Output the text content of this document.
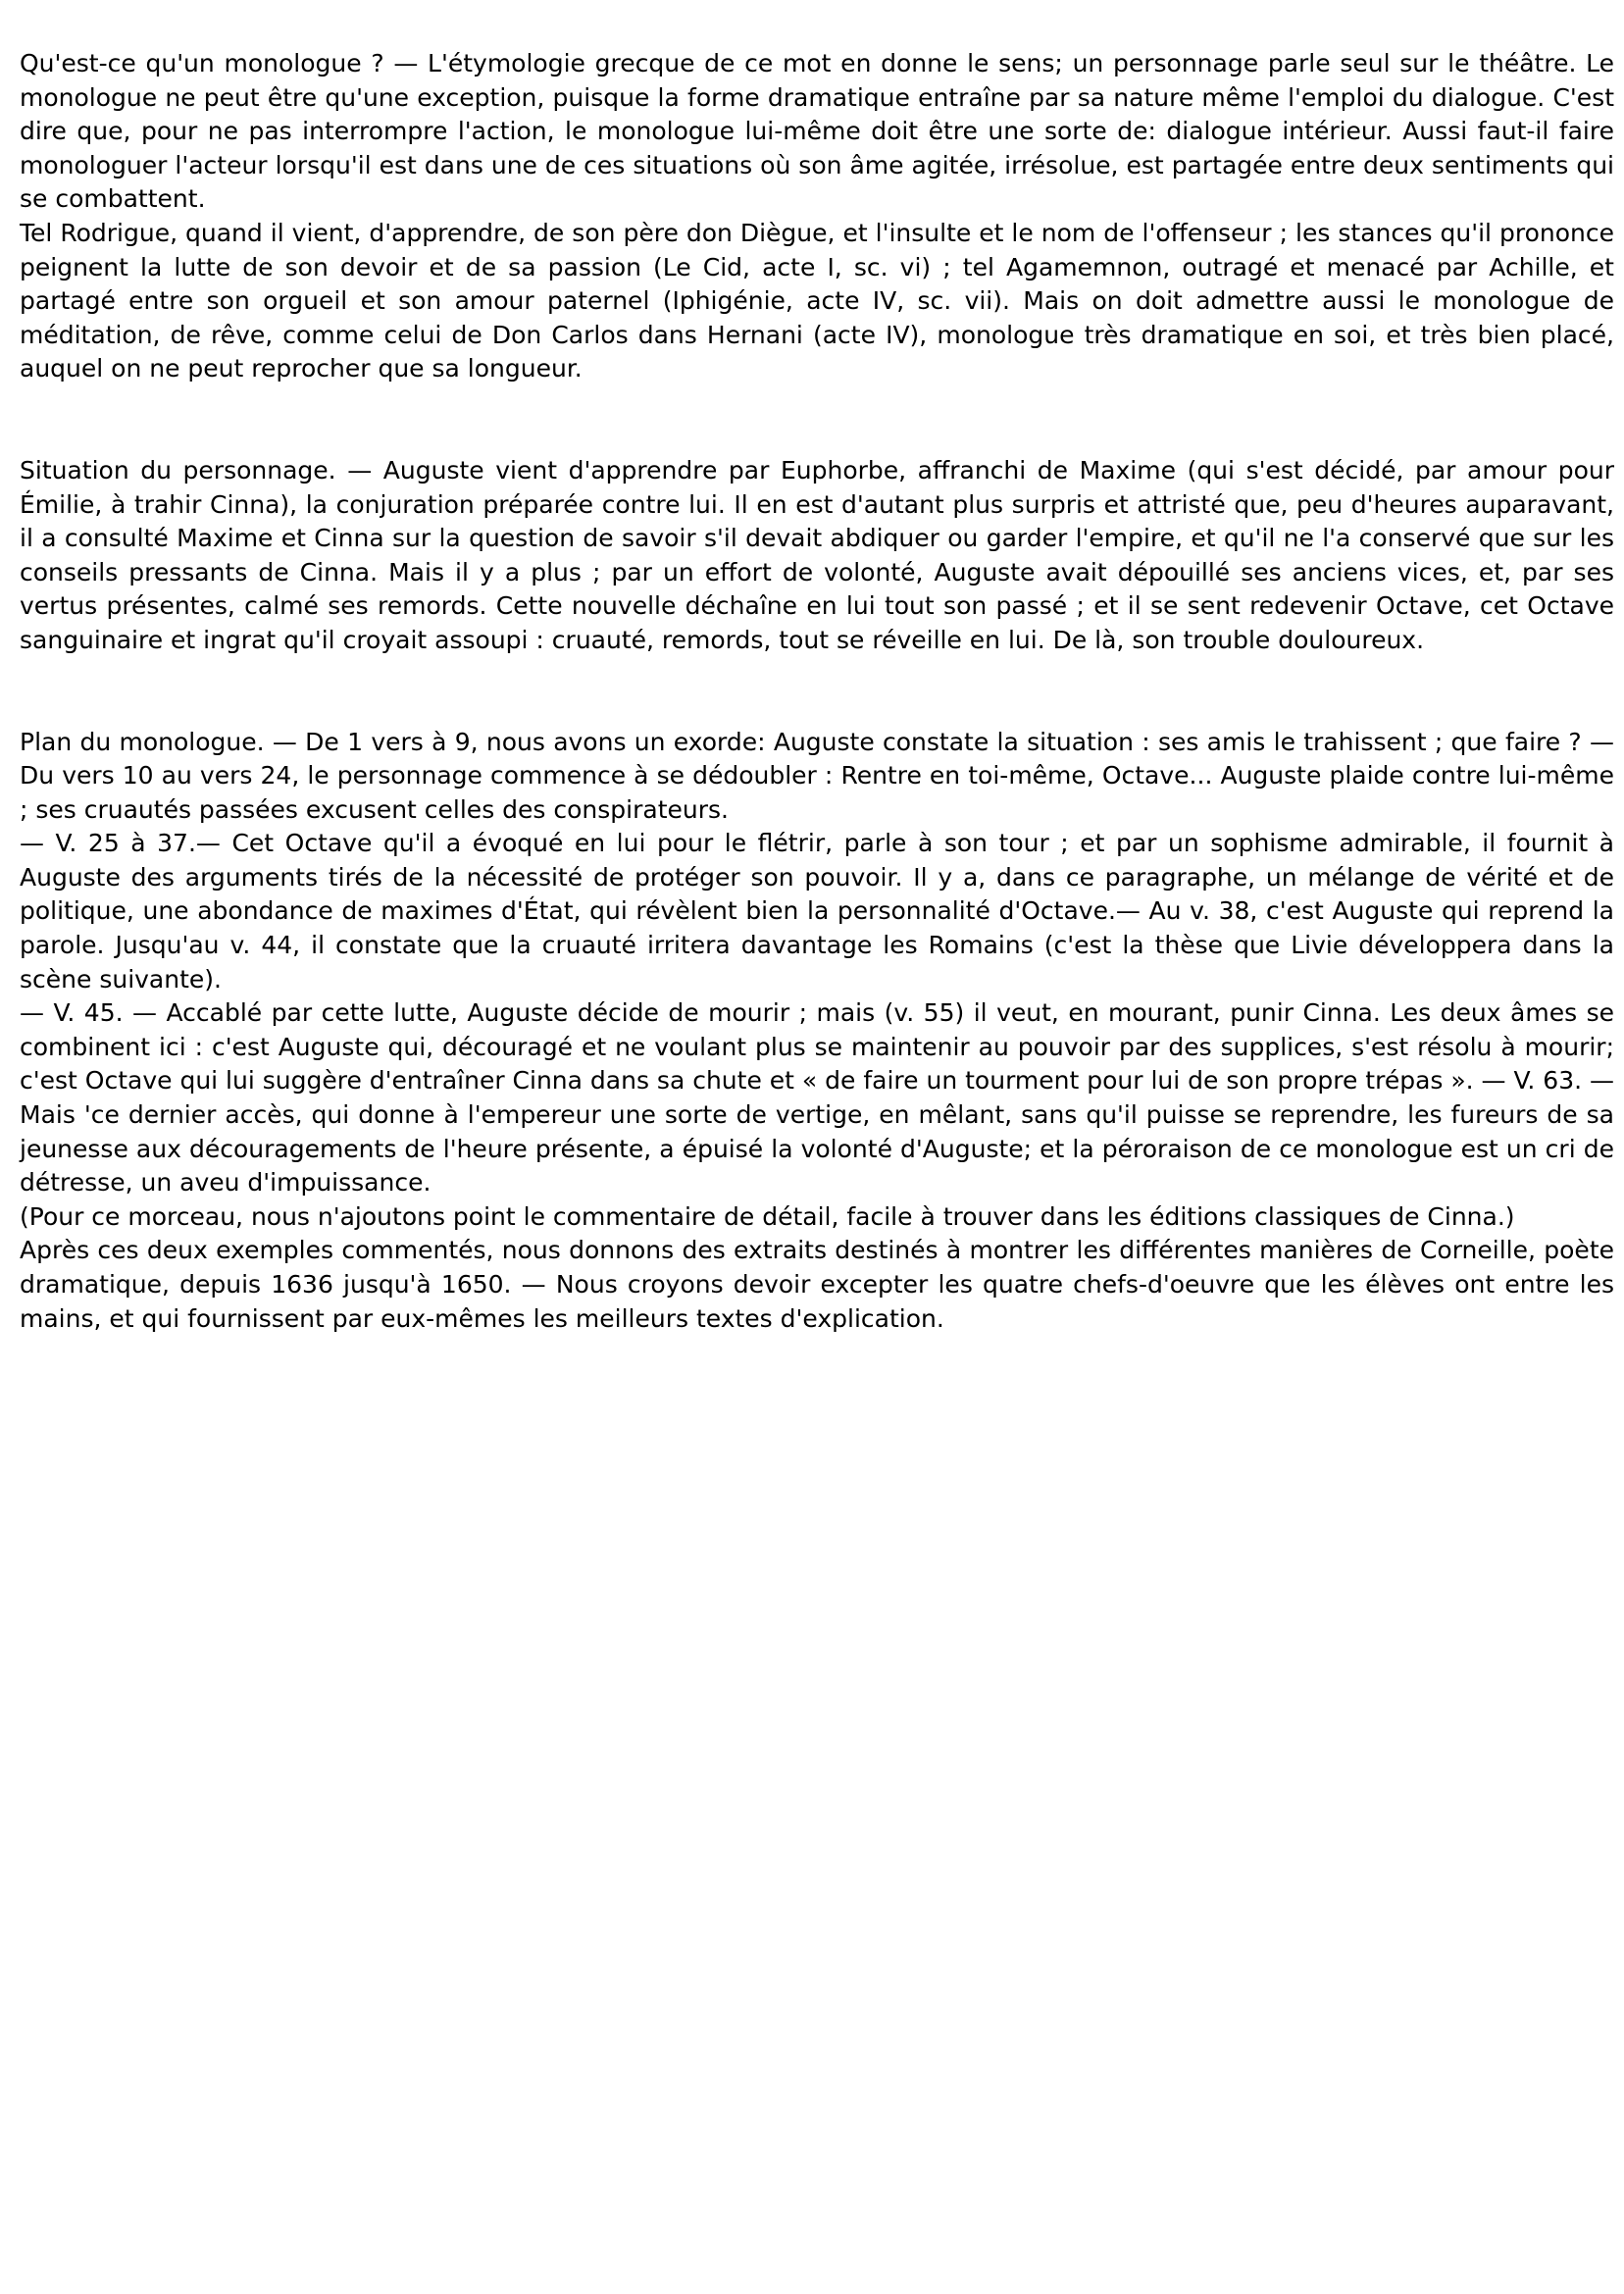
Qu'est-ce qu'un monologue ? — L'étymologie grecque de ce mot en donne le sens; un personnage parle seul sur le théâtre. Le monologue ne peut être qu'une exception, puisque la forme dramatique entraîne par sa nature même l'emploi du dialogue. C'est dire que, pour ne pas interrompre l'action, le monologue lui-même doit être une sorte de: dialogue intérieur. Aussi faut-il faire monologuer l'acteur lorsqu'il est dans une de ces situations où son âme agitée, irrésolue, est partagée entre deux sentiments qui se combattent.

Tel Rodrigue, quand il vient, d'apprendre, de son père don Diègue, et l'insulte et le nom de l'offenseur ; les stances qu'il prononce peignent la lutte de son devoir et de sa passion (Le Cid, acte I, sc. vi) ; tel Agamemnon, outragé et menacé par Achille, et partagé entre son orgueil et son amour paternel (Iphigénie, acte IV, sc. vii). Mais on doit admettre aussi le monologue de méditation, de rêve, comme celui de Don Carlos dans Hernani (acte IV), monologue très dramatique en soi, et très bien placé, auquel on ne peut reprocher que sa longueur.

Situation du personnage. — Auguste vient d'apprendre par Euphorbe, affranchi de Maxime (qui s'est décidé, par amour pour Émilie, à trahir Cinna), la conjuration préparée contre lui. Il en est d'autant plus surpris et attristé que, peu d'heures auparavant, il a consulté Maxime et Cinna sur la question de savoir s'il devait abdiquer ou garder l'empire, et qu'il ne l'a conservé que sur les conseils pressants de Cinna. Mais il y a plus ; par un effort de volonté, Auguste avait dépouillé ses anciens vices, et, par ses vertus présentes, calmé ses remords. Cette nouvelle déchaîne en lui tout son passé ; et il se sent redevenir Octave, cet Octave sanguinaire et ingrat qu'il croyait assoupi : cruauté, remords, tout se réveille en lui. De là, son trouble douloureux.

Plan du monologue. — De 1 vers à 9, nous avons un exorde: Auguste constate la situation : ses amis le trahissent ; que faire ? — Du vers 10 au vers 24, le personnage commence à se dédoubler : Rentre en toi-même, Octave... Auguste plaide contre lui-même ; ses cruautés passées excusent celles des conspirateurs.

— V. 25 à 37.— Cet Octave qu'il a évoqué en lui pour le flétrir, parle à son tour ; et par un sophisme admirable, il fournit à Auguste des arguments tirés de la nécessité de protéger son pouvoir. Il y a, dans ce paragraphe, un mélange de vérité et de politique, une abondance de maximes d'État, qui révèlent bien la personnalité d'Octave.— Au v. 38, c'est Auguste qui reprend la parole. Jusqu'au v. 44, il constate que la cruauté irritera davantage les Romains (c'est la thèse que Livie développera dans la scène suivante).

— V. 45. — Accablé par cette lutte, Auguste décide de mourir ; mais (v. 55) il veut, en mourant, punir Cinna. Les deux âmes se combinent ici : c'est Auguste qui, découragé et ne voulant plus se maintenir au pouvoir par des supplices, s'est résolu à mourir; c'est Octave qui lui suggère d'entraîner Cinna dans sa chute et « de faire un tourment pour lui de son propre trépas ». — V. 63. — Mais 'ce dernier accès, qui donne à l'empereur une sorte de vertige, en mêlant, sans qu'il puisse se reprendre, les fureurs de sa jeunesse aux découragements de l'heure présente, a épuisé la volonté d'Auguste; et la péroraison de ce monologue est un cri de détresse, un aveu d'impuissance.

(Pour ce morceau, nous n'ajoutons point le commentaire de détail, facile à trouver dans les éditions classiques de Cinna.)

Après ces deux exemples commentés, nous donnons des extraits destinés à montrer les différentes manières de Corneille, poète dramatique, depuis 1636 jusqu'à 1650. — Nous croyons devoir excepter les quatre chefs-d'oeuvre que les élèves ont entre les mains, et qui fournissent par eux-mêmes les meilleurs textes d'explication.
